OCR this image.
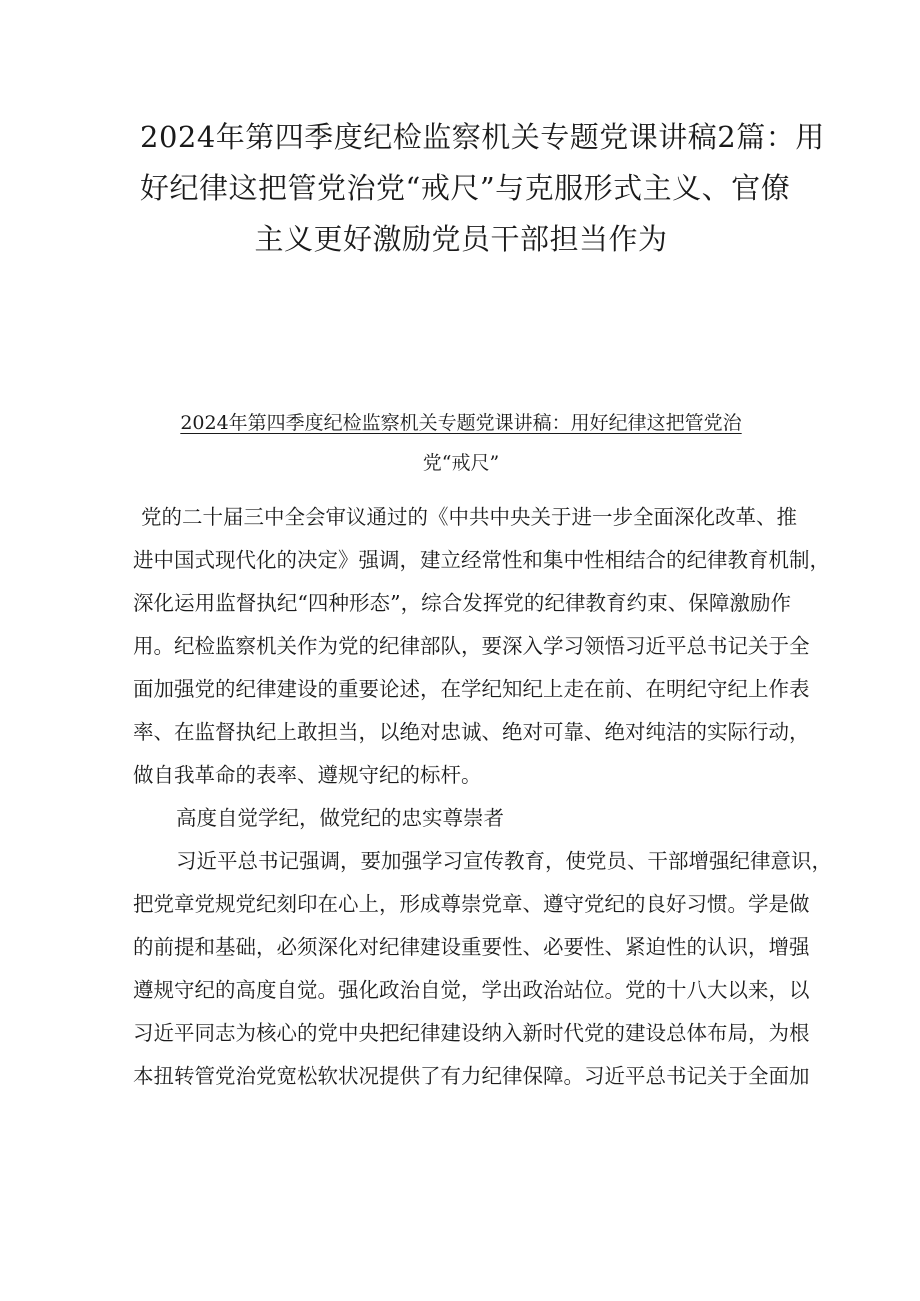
2024年第四季度纪检监察机关专题党课讲稿2篇：用
好纪律这把管党治党“戒尺”与克服形式主义、官僚
主义更好激励党员干部担当作为
2024年第四季度纪检监察机关专题党课讲稿：用好纪律这把管党治
党“戒尺”
党的二十届三中全会审议通过的《中共中央关于进一步全面深化改革、推
进中国式现代化的决定》强调，建立经常性和集中性相结合的纪律教育机制，
深化运用监督执纪“四种形态”，综合发挥党的纪律教育约束、保障激励作
用。纪检监察机关作为党的纪律部队，要深入学习领悟习近平总书记关于全
面加强党的纪律建设的重要论述，在学纪知纪上走在前、在明纪守纪上作表
率、在监督执纪上敢担当，以绝对忠诚、绝对可靠、绝对纯洁的实际行动，
做自我革命的表率、遵规守纪的标杆。
高度自觉学纪，做党纪的忠实尊崇者
习近平总书记强调，要加强学习宣传教育，使党员、干部增强纪律意识，
把党章党规党纪刻印在心上，形成尊崇党章、遵守党纪的良好习惯。学是做
的前提和基础，必须深化对纪律建设重要性、必要性、紧迫性的认识，增强
遵规守纪的高度自觉。强化政治自觉，学出政治站位。党的十八大以来，以
习近平同志为核心的党中央把纪律建设纳入新时代党的建设总体布局，为根
本扭转管党治党宽松软状况提供了有力纪律保障。习近平总书记关于全面加
